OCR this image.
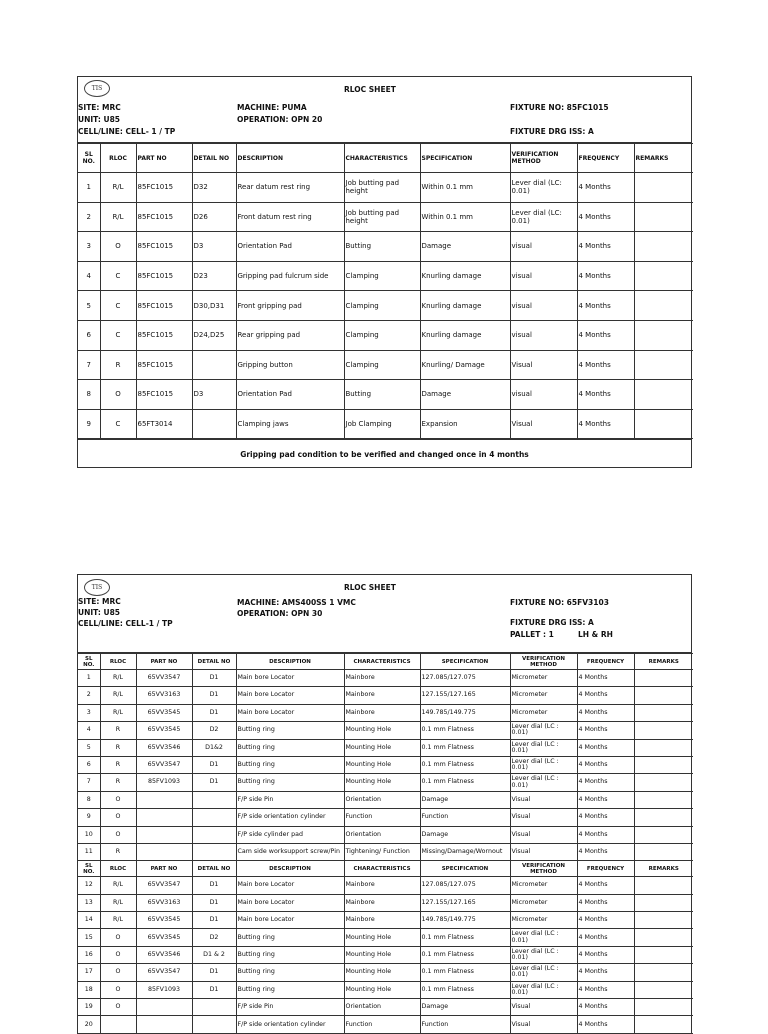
TIS	RLOC SHEET
SITE: MRC
UNIT: U85
CELL/LINE: CELL- 1 / TP
MACHINE: PUMA
OPERATION: OPN 20
FIXTURE NO: 85FC1015
FIXTURE DRG ISS: A
SL NO.	RLOC	PART NO	DETAIL NO	DESCRIPTION	CHARACTERISTICS	SPECIFICATION	VERIFICATION METHOD	FREQUENCY	REMARKS
1	R/L	85FC1015	D32	Rear datum rest ring	Job butting pad height	Within 0.1 mm	Lever dial (LC: 0.01)	4 Months	
2	R/L	85FC1015	D26	Front datum rest ring	Job butting pad height	Within 0.1 mm	Lever dial (LC: 0.01)	4 Months	
3	O	85FC1015	D3	Orientation Pad	Butting	Damage	visual	4 Months	
4	C	85FC1015	D23	Gripping pad fulcrum side	Clamping	Knurling damage	visual	4 Months	
5	C	85FC1015	D30,D31	Front gripping pad	Clamping	Knurling damage	visual	4 Months	
6	C	85FC1015	D24,D25	Rear gripping pad	Clamping	Knurling damage	visual	4 Months	
7	R	85FC1015		Gripping button	Clamping	Knurling/ Damage	Visual	4 Months	
8	O	85FC1015	D3	Orientation Pad	Butting	Damage	visual	4 Months	
9	C	65FT3014		Clamping jaws	Job Clamping	Expansion	Visual	4 Months	
Gripping pad condition to be verified and changed once in 4 months
TIS	RLOC SHEET
SITE: MRC
UNIT: U85
CELL/LINE: CELL-1 / TP
MACHINE: AMS400SS 1 VMC
OPERATION: OPN 30
FIXTURE NO: 65FV3103
FIXTURE DRG ISS: A
PALLET : 1	LH & RH
SL NO.	RLOC	PART NO	DETAIL NO	DESCRIPTION	CHARACTERISTICS	SPECIFICATION	VERIFICATION METHOD	FREQUENCY	REMARKS
1	R/L	65VV3547	D1	Main bore Locator	Mainbore	127.085/127.075	Micrometer	4 Months	
2	R/L	65VV3163	D1	Main bore Locator	Mainbore	127.155/127.165	Micrometer	4 Months	
3	R/L	65VV3545	D1	Main bore Locator	Mainbore	149.785/149.775	Micrometer	4 Months	
4	R	65VV3545	D2	Butting ring	Mounting Hole	0.1 mm Flatness	Lever dial (LC : 0.01)	4 Months	
5	R	65VV3546	D1&2	Butting ring	Mounting Hole	0.1 mm Flatness	Lever dial (LC : 0.01)	4 Months	
6	R	65VV3547	D1	Butting ring	Mounting Hole	0.1 mm Flatness	Lever dial (LC : 0.01)	4 Months	
7	R	85FV1093	D1	Butting ring	Mounting Hole	0.1 mm Flatness	Lever dial (LC : 0.01)	4 Months	
8	O			F/P side Pin	Orientation	Damage	Visual	4 Months	
9	O			F/P side orientation cylinder	Function	Function	Visual	4 Months	
10	O			F/P side cylinder pad	Orientation	Damage	Visual	4 Months	
11	R			Cam side worksupport screw/Pin	Tightening/ Function	Missing/Damage/Wornout	Visual	4 Months	
SL NO.	RLOC	PART NO	DETAIL NO	DESCRIPTION	CHARACTERISTICS	SPECIFICATION	VERIFICATION METHOD	FREQUENCY	REMARKS
12	R/L	65VV3547	D1	Main bore Locator	Mainbore	127.085/127.075	Micrometer	4 Months	
13	R/L	65VV3163	D1	Main bore Locator	Mainbore	127.155/127.165	Micrometer	4 Months	
14	R/L	65VV3545	D1	Main bore Locator	Mainbore	149.785/149.775	Micrometer	4 Months	
15	O	65VV3545	D2	Butting ring	Mounting Hole	0.1 mm Flatness	Lever dial (LC : 0.01)	4 Months	
16	O	65VV3546	D1 & 2	Butting ring	Mounting Hole	0.1 mm Flatness	Lever dial (LC : 0.01)	4 Months	
17	O	65VV3547	D1	Butting ring	Mounting Hole	0.1 mm Flatness	Lever dial (LC : 0.01)	4 Months	
18	O	85FV1093	D1	Butting ring	Mounting Hole	0.1 mm Flatness	Lever dial (LC : 0.01)	4 Months	
19	O			F/P side Pin	Orientation	Damage	Visual	4 Months	
20				F/P side orientation cylinder	Function	Function	Visual	4 Months	
